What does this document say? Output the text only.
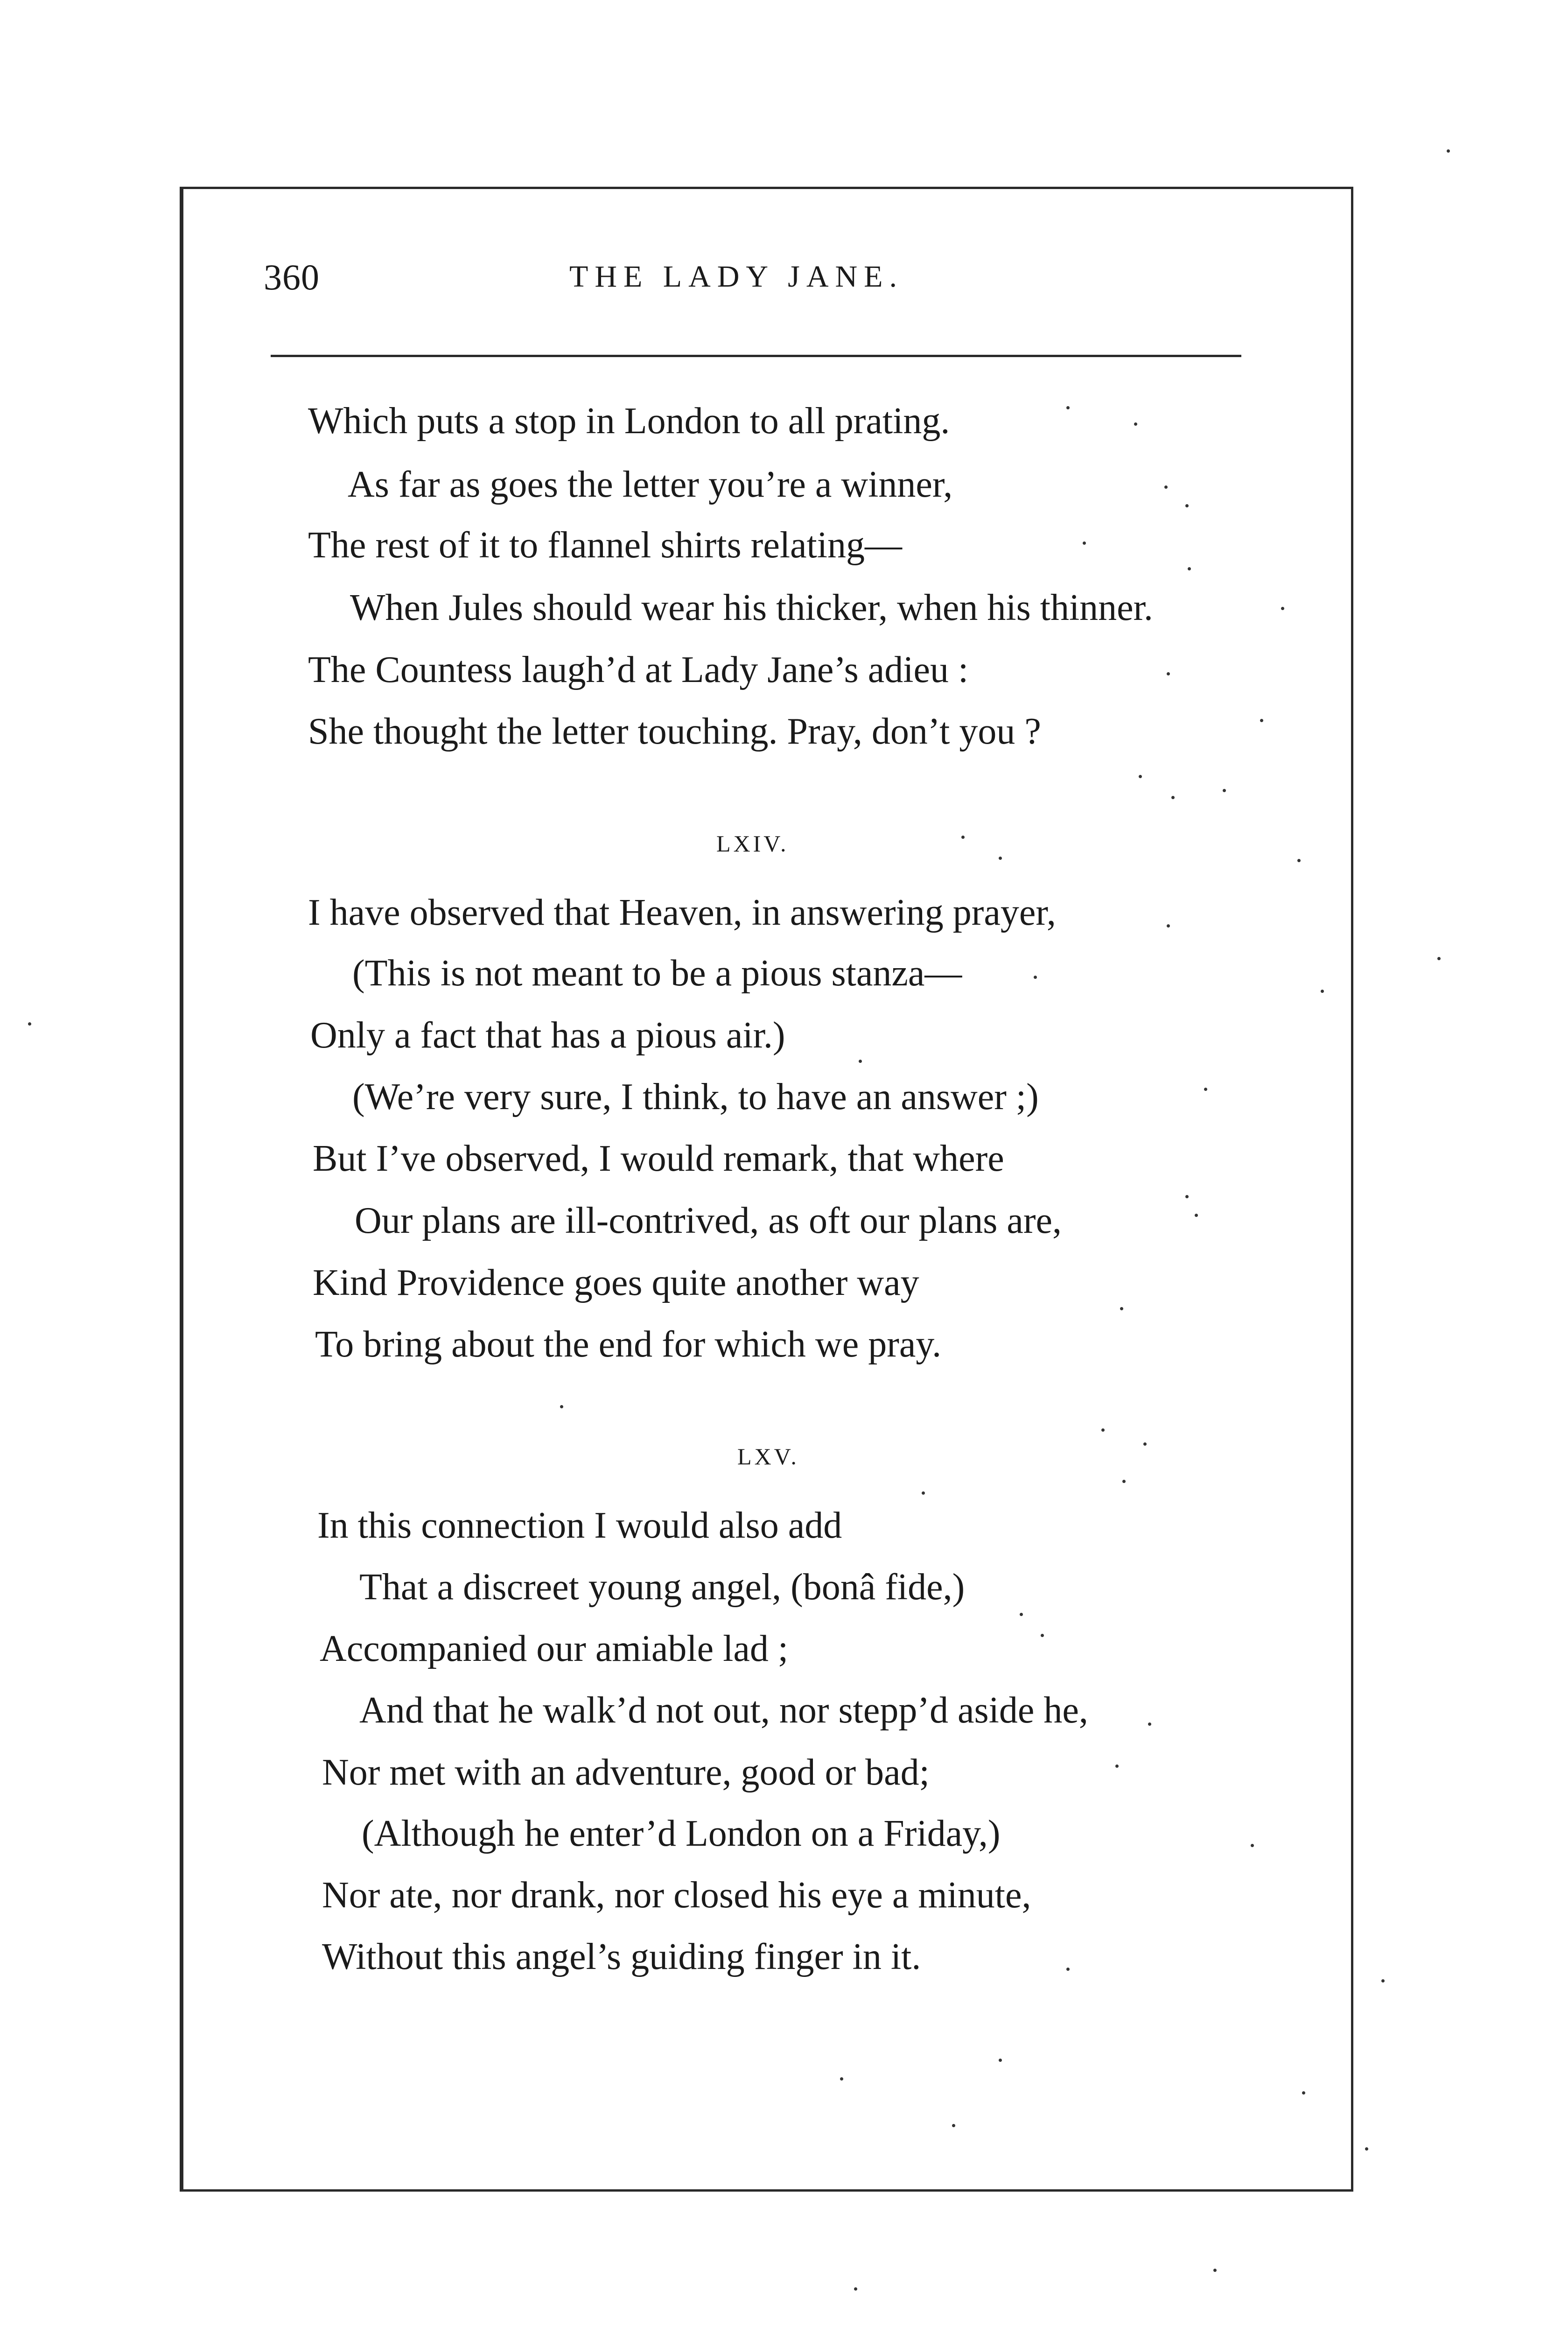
360	THE LADY JANE.
Which puts a stop in London to all prating.
As far as goes the letter you’re a winner,
The rest of it to flannel shirts relating—
When Jules should wear his thicker, when his thinner.
The Countess laugh’d at Lady Jane’s adieu :
She thought the letter touching. Pray, don’t you ?
LXIV.
I have observed that Heaven, in answering prayer,
(This is not meant to be a pious stanza—
Only a fact that has a pious air.)
(We’re very sure, I think, to have an answer ;)
But I’ve observed, I would remark, that where
Our plans are ill-contrived, as oft our plans are,
Kind Providence goes quite another way
To bring about the end for which we pray.
LXV.
In this connection I would also add
That a discreet young angel, (bonâ fide,)
Accompanied our amiable lad ;
And that he walk’d not out, nor stepp’d aside he,
Nor met with an adventure, good or bad;
(Although he enter’d London on a Friday,)
Nor ate, nor drank, nor closed his eye a minute,
Without this angel’s guiding finger in it.
